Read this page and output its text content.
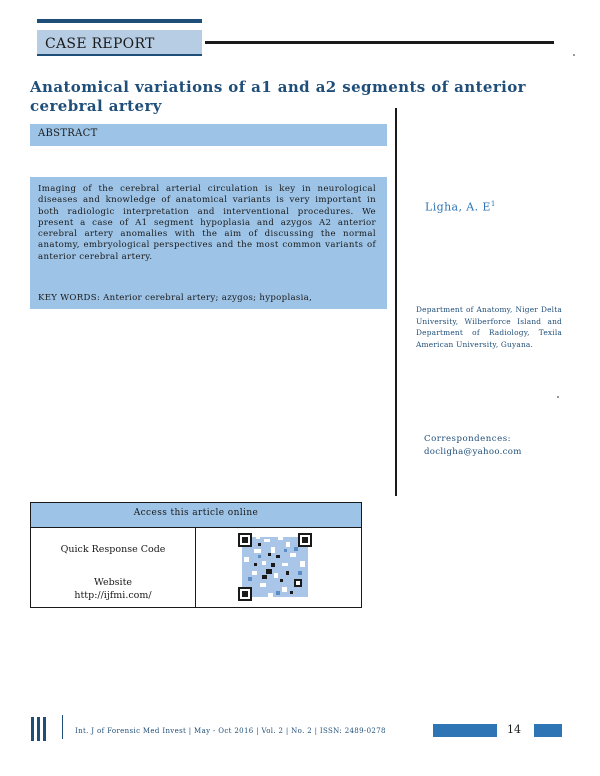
CASE REPORT
Anatomical variations of a1 and a2 segments of anterior cerebral artery
ABSTRACT

Imaging of the cerebral arterial circulation is key in neurological diseases and knowledge of anatomical variants is very important in both radiologic interpretation and interventional procedures. We present a case of A1 segment hypoplasia and azygos A2 anterior cerebral artery anomalies with the aim of discussing the normal anatomy, embryological perspectives and the most common variants of anterior cerebral artery.

KEY WORDS: Anterior cerebral artery; azygos; hypoplasia,
Ligha, A. $E^1$

Department of Anatomy, Niger Delta University, Wilberforce Island and Department of Radiology, Texila American University, Guyana.

Correspondences:
docligha@yahoo.com
Access this article online
Quick Response Code
Website
http://ijfmi.com/
Int. J of Forensic Med Invest | May - Oct 2016 | Vol. 2 | No. 2 | ISSN: 2489-0278	14
